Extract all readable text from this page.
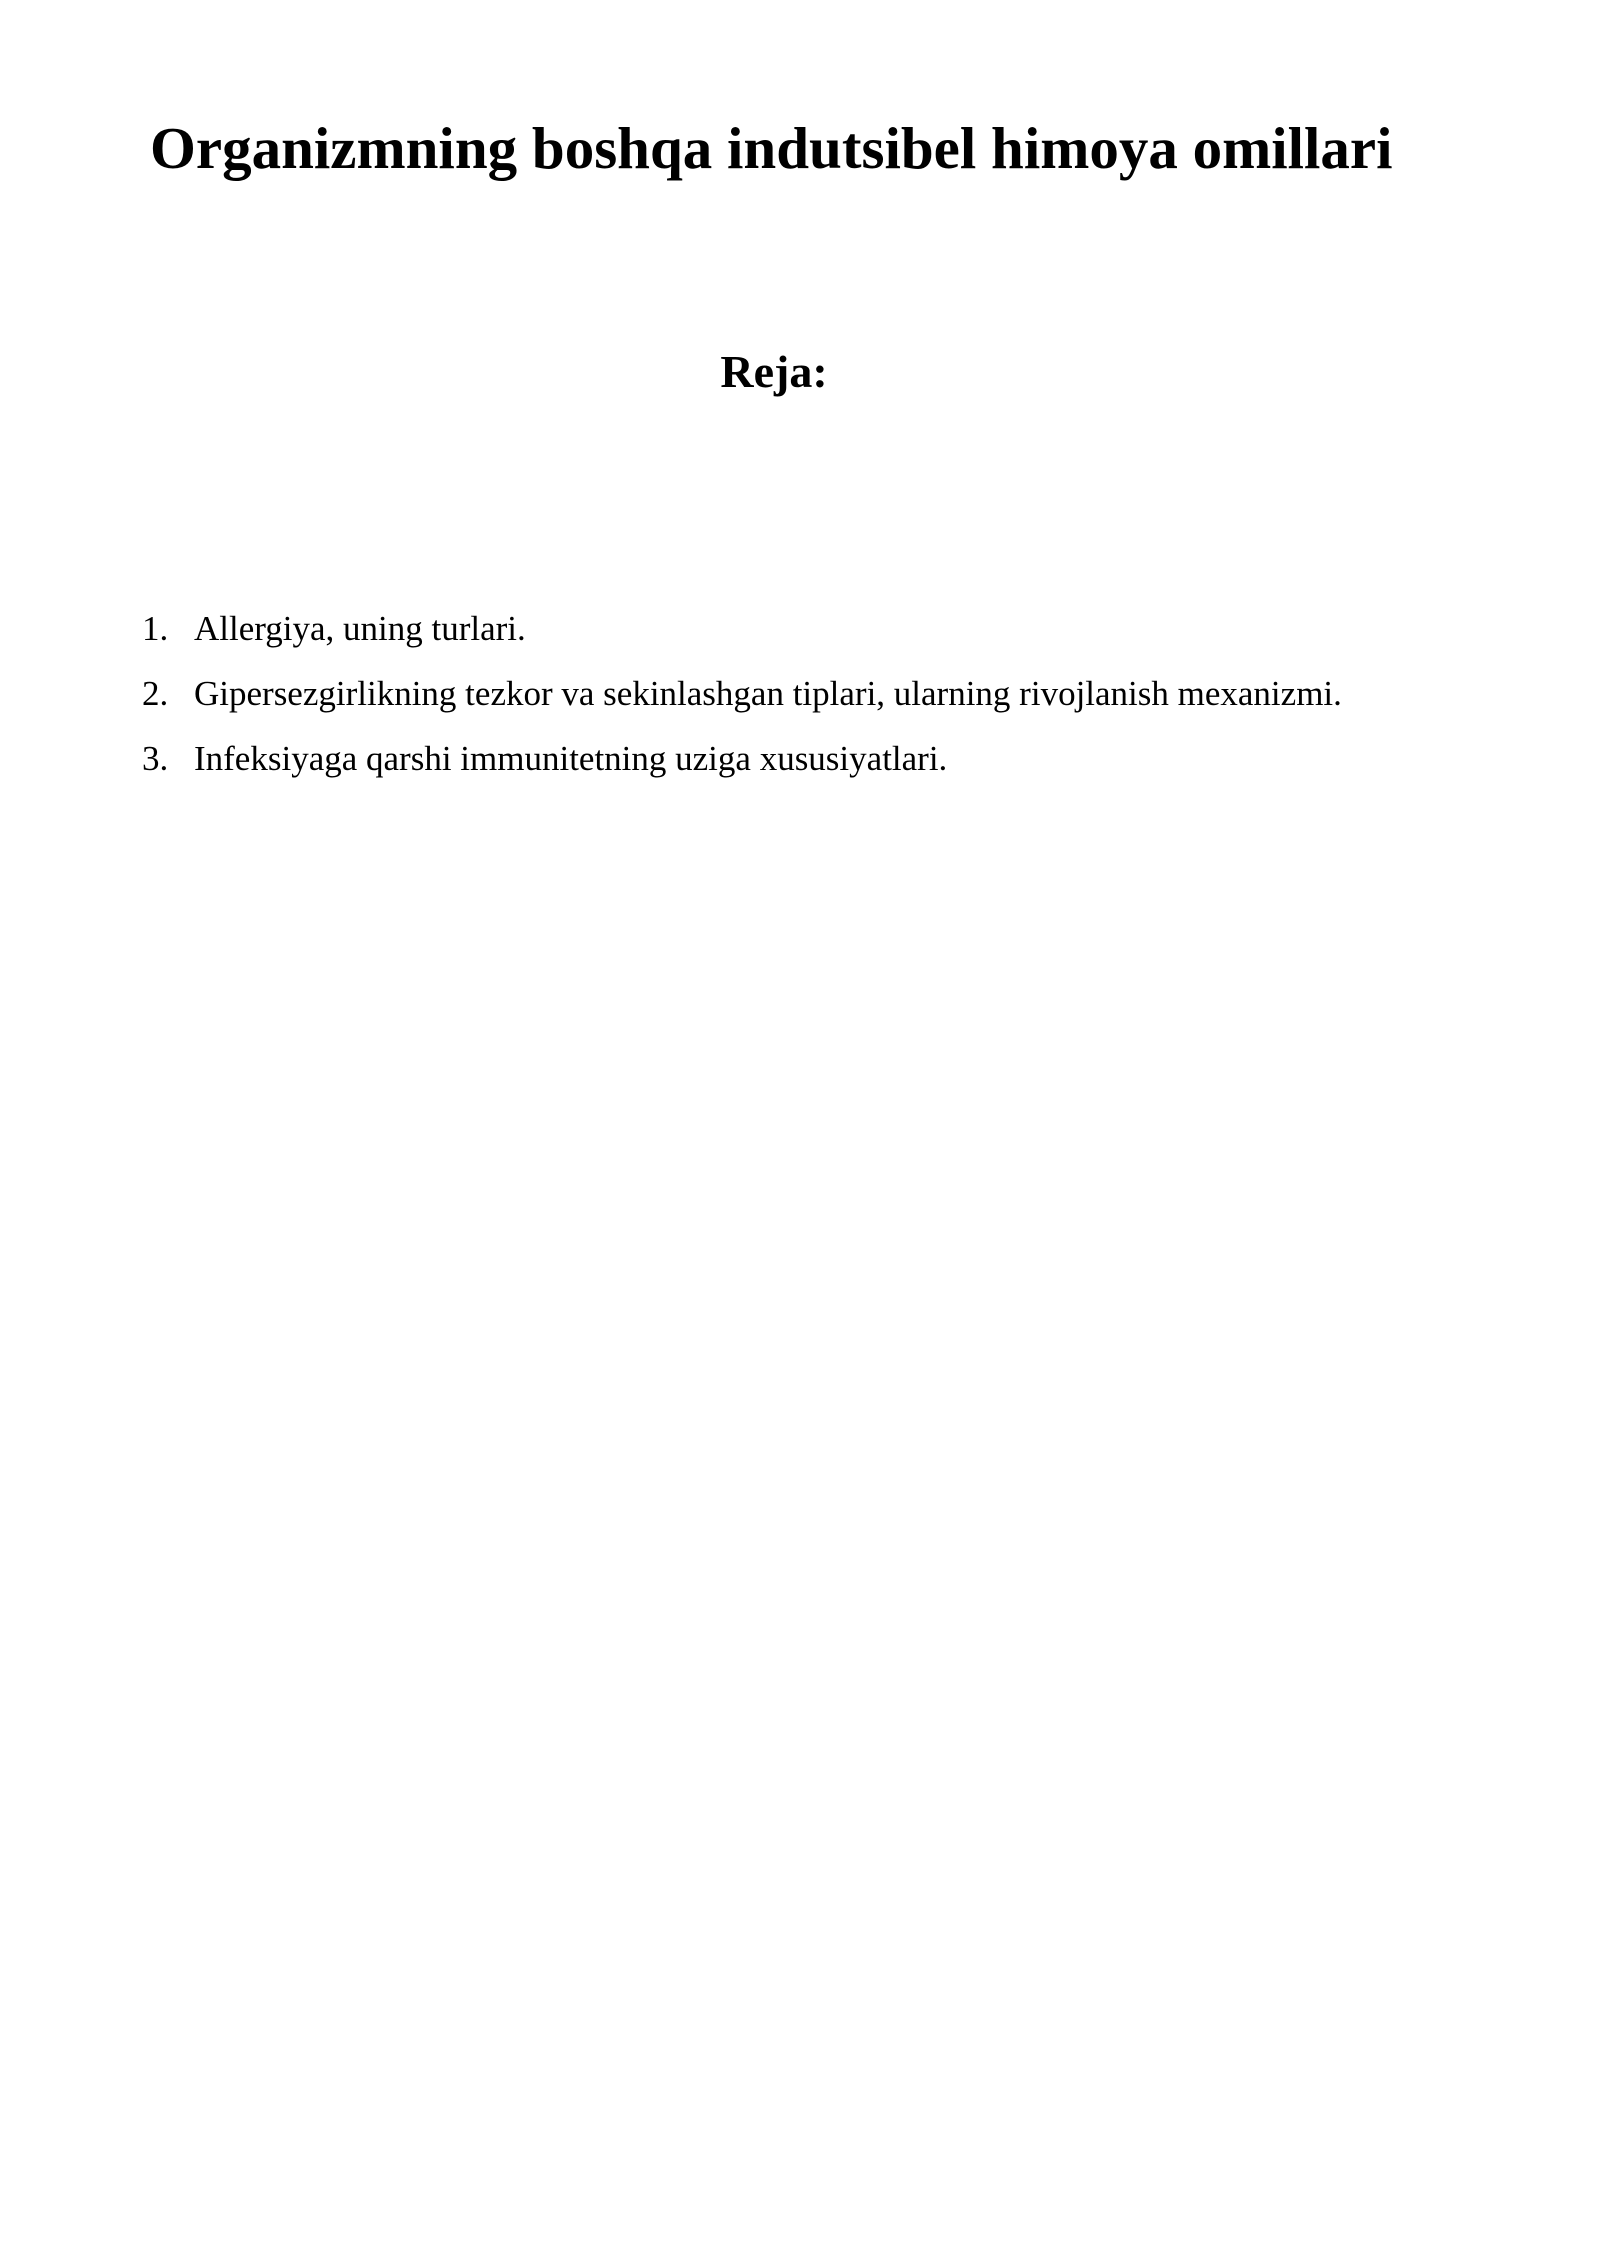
Organizmning boshqa indutsibel himoya omillari
Reja:
1. Allergiya, uning turlari.
2. Gipersezgirlikning tezkor va sekinlashgan tiplari, ularning rivojlanish mexanizmi.
3. Infeksiyaga qarshi immunitetning uziga xususiyatlari.
